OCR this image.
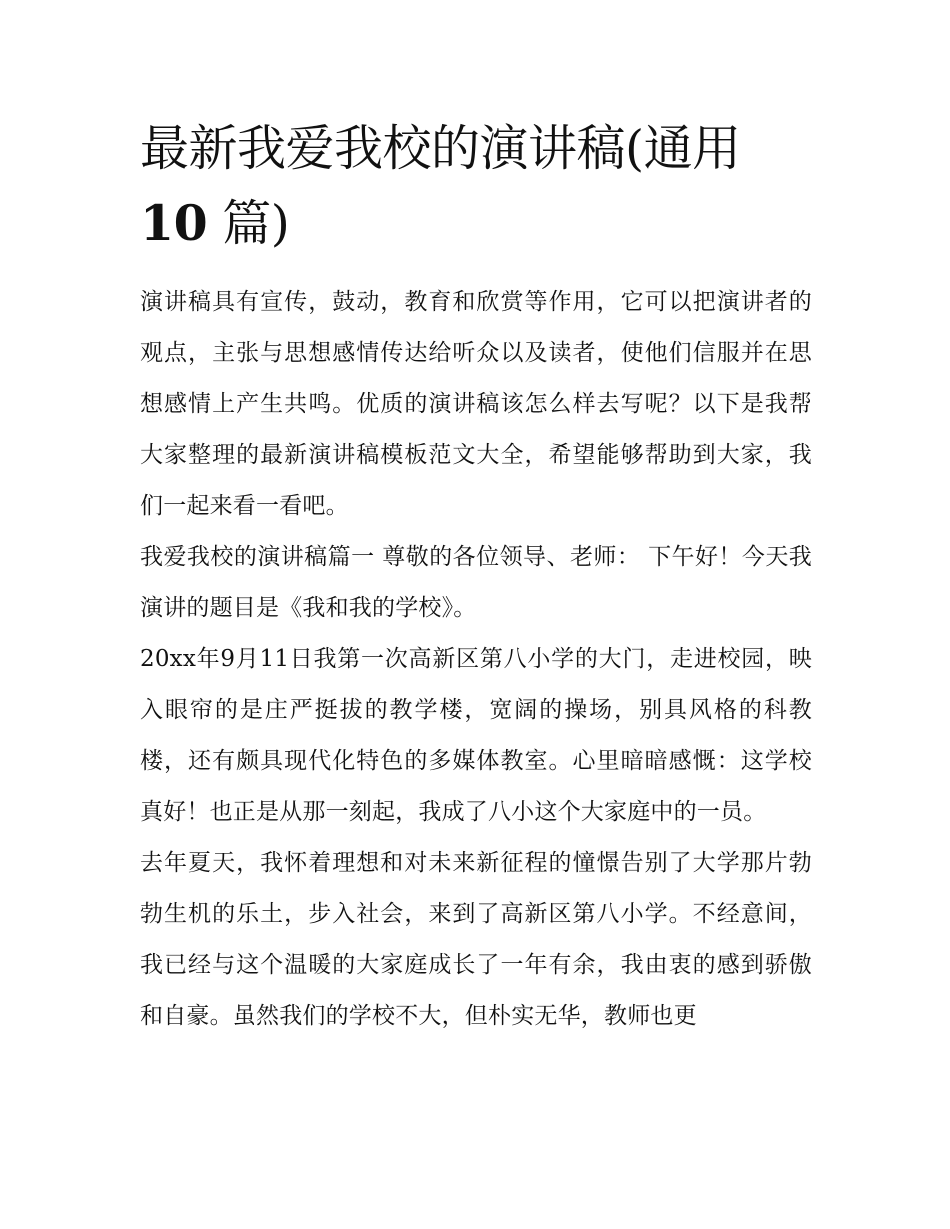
最新我爱我校的演讲稿(通用
10 篇)

演讲稿具有宣传，鼓动，教育和欣赏等作用，它可以把演讲者的观点，主张与思想感情传达给听众以及读者，使他们信服并在思想感情上产生共鸣。优质的演讲稿该怎么样去写呢？以下是我帮大家整理的最新演讲稿模板范文大全，希望能够帮助到大家，我们一起来看一看吧。

我爱我校的演讲稿篇一 尊敬的各位领导、老师： 下午好！今天我演讲的题目是《我和我的学校》。

20xx年9月11日我第一次高新区第八小学的大门，走进校园，映入眼帘的是庄严挺拔的教学楼，宽阔的操场，别具风格的科教楼，还有颇具现代化特色的多媒体教室。心里暗暗感慨：这学校真好！也正是从那一刻起，我成了八小这个大家庭中的一员。

去年夏天，我怀着理想和对未来新征程的憧憬告别了大学那片勃勃生机的乐土，步入社会，来到了高新区第八小学。不经意间，我已经与这个温暖的大家庭成长了一年有余，我由衷的感到骄傲和自豪。虽然我们的学校不大，但朴实无华，教师也更
